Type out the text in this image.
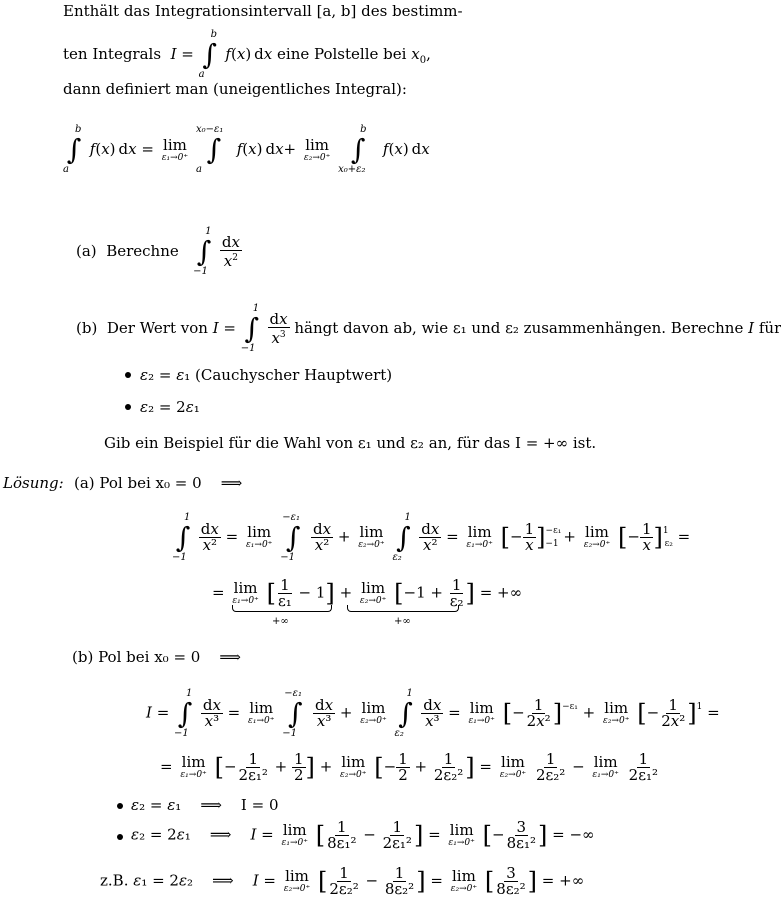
Enthält das Integrationsintervall [a, b] des bestimm-
ten Integrals I = ∫
b
a
f(x) dx eine Polstelle bei $x_0$,
dann definiert man (uneigentliches Integral):
∫
b
a
f(x) dx = lim
ε₁→0⁺ ∫
x₀−ε₁
a
f(x) dx+ lim
ε₂→0⁺ ∫
b
x₀+ε₂
f(x) dx
(a) Berechne ∫
1
−1

$\frac{dx}{x^2}$
(b) Der Wert von I = ∫
1
−1

$\frac{dx}{x^3}$ hängt davon ab, wie ε₁ und ε₂ zusammenhängen. Berechne I für
ε₂ = ε₁ (Cauchyscher Hauptwert)
ε₂ = 2ε₁
Gib ein Beispiel für die Wahl von ε₁ und ε₂ an, für das I = +∞ ist.
Lösung: (a) Pol bei x₀ = 0    ⟹
∫
1
−1

$\frac{dx}{\text{x²}} = \lim$
ε₁→0⁺ ∫
−ε₁
−1

$\frac{dx}{\text{x²}} + \lim$
ε₂→0⁺ ∫
1
ε₂

$\frac{dx}{\text{x²}} = \lim$
ε₁→0⁺ [− $\frac{1}{x} ]^{-\varepsilon_1}-1 + \lim$
ε₂→0⁺ [− $\frac{1}{x} ]^1\varepsilon_2$ =
= lim
ε₁→0⁺ [ $\frac{1}{\text{ε₁}} - 1] + \lim$
ε₂→0⁺ [$-1 + \frac{1}{\text{ε₂}}$ ] = +∞
+∞	+∞
(b) Pol bei x₀ = 0    ⟹
I = ∫
1
−1

$\frac{dx}{\text{x³}} = \lim$
ε₁→0⁺ ∫
−ε₁
−1

$\frac{dx}{\text{x³}} + \lim$
ε₂→0⁺ ∫
1
ε₂

$\frac{dx}{\text{x³}} = \lim$
ε₁→0⁺ [− $\frac{1}{\text{2x²}} ]^{-\varepsilon_1} + \lim$
ε₂→0⁺ [− $\frac{1}{\text{2x²}} ]^1$ =
= lim
ε₁→0⁺ [− $\frac{1}{\text{2ε₁²}} + \frac{1}{2}$ ] + lim
ε₂→0⁺ [− $\frac{1}{2} + \frac{1}{\text{2ε₂²}}$ ] = lim
ε₂→0⁺
$\frac{1}{\text{2ε₂²}} - \lim$
ε₁→0⁺
$\frac{1}{\text{2ε₁²}}$
ε₂ = ε₁    ⟹    I = 0
ε₂ = 2ε₁    ⟹    I = lim
ε₁→0⁺ [ $\frac{1}{\text{8ε₁²}} - \frac{1}{\text{2ε₁²}}$ ] = lim
ε₁→0⁺ [− $\frac{3}{\text{8ε₁²}}$ ] = −∞
z.B. ε₁ = 2ε₂    ⟹    I = lim
ε₂→0⁺ [ $\frac{1}{\text{2ε₂²}} - \frac{1}{\text{8ε₂²}}$ ] = lim
ε₂→0⁺ [ $\frac{3}{\text{8ε₂²}}$ ] = +∞
